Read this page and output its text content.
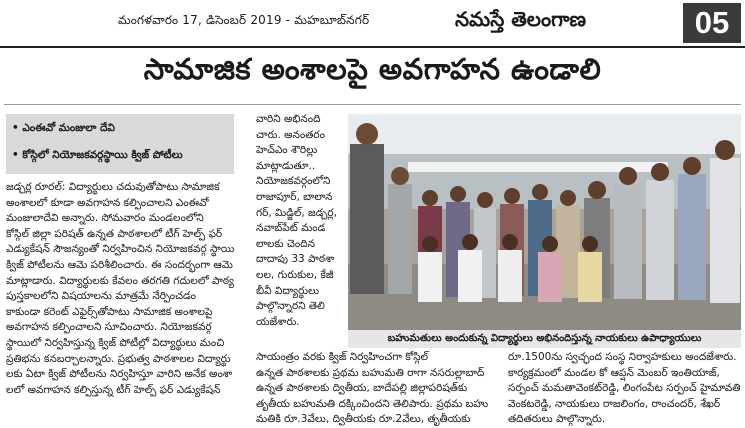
మంగళవారం 17, డిసెంబర్ 2019 - మహబూబ్‌నగర్	నమస్తే తెలంగాణ	05
సామాజిక అంశాలపై అవగాహన ఉండాలి
• ఎంఈవో మంజులా దేవి
• కోస్గిలో నియోజకవర్గస్థాయి క్విజ్ పోటీలు
జడ్చర్ల రూరల్: విద్యార్థులు చదువుతోపాటు సామాజిక
అంశాలలో కూడా అవగాహన కల్పించాలని ఎంఈవో
మంజులాదేవి అన్నారు. సోమవారం మండలంలోని
కోస్గిల్ జిల్లా పరిషత్ ఉన్నత పాఠశాలలో టీగ్ హెల్ప్ ఫర్
ఎడ్యుకేషన్ సౌజన్యంతో నిర్వహించిన నియోజకవర్గ స్థాయి
క్విజ్ పోటీలను ఆమె పరిశీలించారు. ఈ సందర్భంగా ఆమె
మాట్లాడారు. విద్యార్థులకు కేవలం తరగతి గదులలో పాఠ్య
పుస్తకాలలోని విషయాలను మాత్రమే నేర్పించడం
కాకుండా కరెంట్ ఎఫైర్స్‌తోపాటు సామాజిక అంశాలపై
అవగాహన కల్పించాలని సూచించారు. నియోజకవర్గ
స్థాయిలో నిర్వహిస్తున్న క్విజ్ పోటీల్లో విద్యార్థులు మంచి
ప్రతిభను కనబర్చాలన్నారు. ప్రభుత్వ పాఠశాలల విద్యార్థు
లకు ఏటా క్విజ్ పోటీలను నిర్వహిస్తూ వారిని అనేక అంశా
లలో అవగాహన కల్పిస్తున్న టీగ్ హెల్ప్ ఫర్ ఎడ్యుకేషన్
వారిని అభినంది
చారు. అనంతరం
హెచ్ఎం శౌరిల్లు
మాట్లాడుతూ..
నియోజకవర్గంలోని
రాజాపూర్, బాలాన
గర్, మిడ్జిల్, జడ్చర్ల,
నవాబ్‌పేట్ మండ
లాలకు చెందిన
దాదాపు 33 పాఠశా
లల, గురుకుల, కేజీ
బీవీ విద్యార్థులు
పాల్గొన్నారని తెలి
యజేశారు.
సాయంత్రం వరకు క్విజ్ నిర్వహించగా కోస్గిల్
ఉన్నత పాఠశాలకు ప్రథమ బహుమతి రాగా నసరుల్లాబాద్
ఉన్నత పాఠశాలకు ద్వితీయ, బాదేపల్లి జిల్లాపరిషత్‌కు
తృతీయ బహుమతి దక్కించిందని తెలిపారు. ప్రథమ బహు
మతికి రూ.3వేలు, ద్వితీయకు రూ.2వేలు, తృతీయకు
రూ.1500ను స్వచ్ఛంద సంస్థ నిర్వాహకులు అందజేశారు.
కార్యక్రమంలో మండల కో ఆప్షన్ మెంబర్ ఇంతియాజ్,
సర్పంచ్ మమతావెంకట్‌రెడ్డి, లింగంపేట సర్పంచ్ హైమావతి
వెంకటరెడ్డి, నాయకులు రాజలింగం, రాంచందర్, శేఖర్
తదితరులు పాల్గొన్నారు.
బహుమతులు అందుకున్న విద్యార్థులు అభినందిస్తున్న నాయకులు ఉపాధ్యాయులు
